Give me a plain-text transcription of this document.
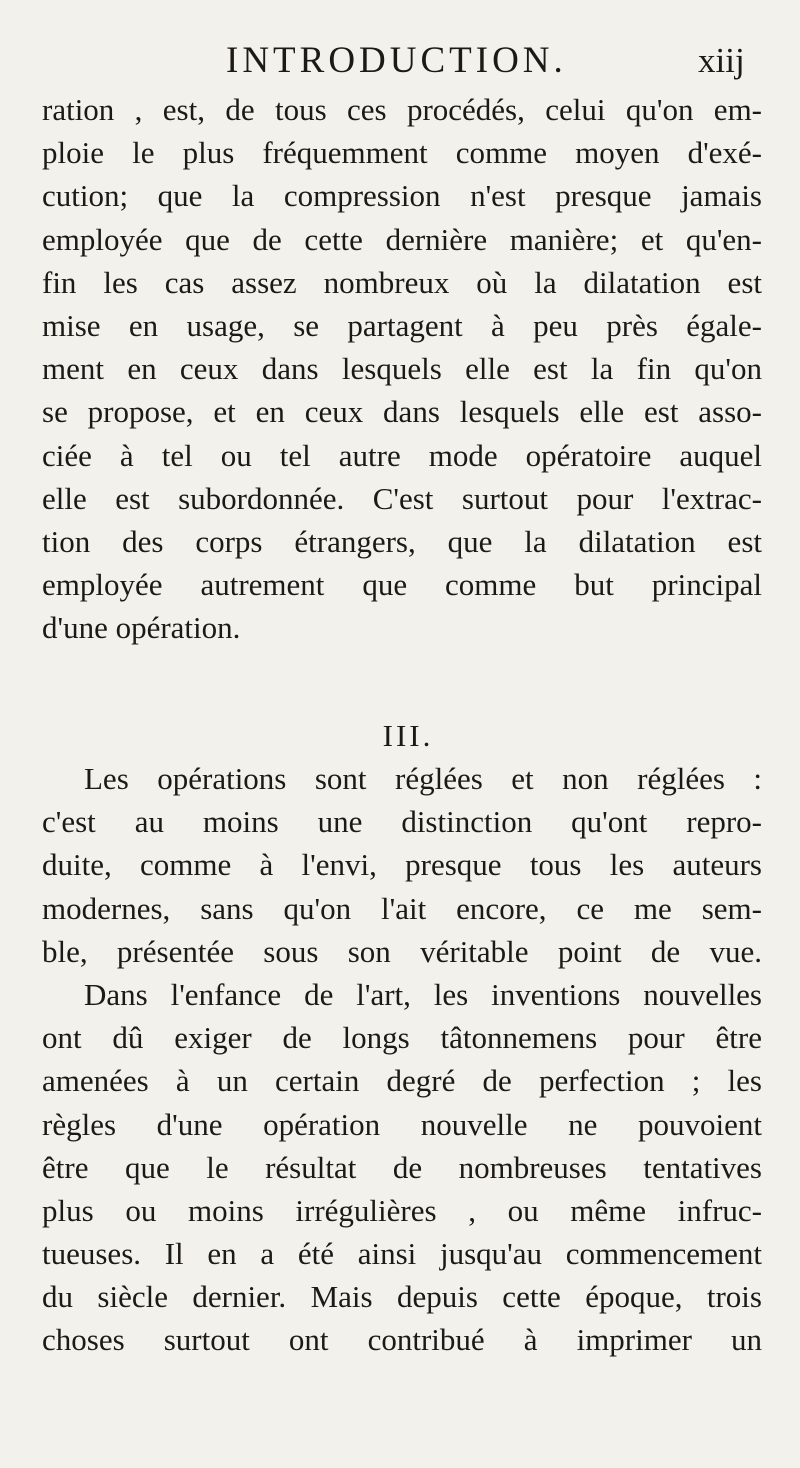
INTRODUCTION.	xiij
ration , est, de tous ces procédés, celui qu'on em-
ploie le plus fréquemment comme moyen d'exé-
cution; que la compression n'est presque jamais
employée que de cette dernière manière; et qu'en-
fin les cas assez nombreux où la dilatation est
mise en usage, se partagent à peu près égale-
ment en ceux dans lesquels elle est la fin qu'on
se propose, et en ceux dans lesquels elle est asso-
ciée à tel ou tel autre mode opératoire auquel
elle est subordonnée. C'est surtout pour l'extrac-
tion des corps étrangers, que la dilatation est
employée autrement que comme but principal
d'une opération.
III.
Les opérations sont réglées et non réglées :
c'est au moins une distinction qu'ont repro-
duite, comme à l'envi, presque tous les auteurs
modernes, sans qu'on l'ait encore, ce me sem-
ble, présentée sous son véritable point de vue.
Dans l'enfance de l'art, les inventions nouvelles
ont dû exiger de longs tâtonnemens pour être
amenées à un certain degré de perfection ; les
règles d'une opération nouvelle ne pouvoient
être que le résultat de nombreuses tentatives
plus ou moins irrégulières , ou même infruc-
tueuses. Il en a été ainsi jusqu'au commencement
du siècle dernier. Mais depuis cette époque, trois
choses surtout ont contribué à imprimer un
